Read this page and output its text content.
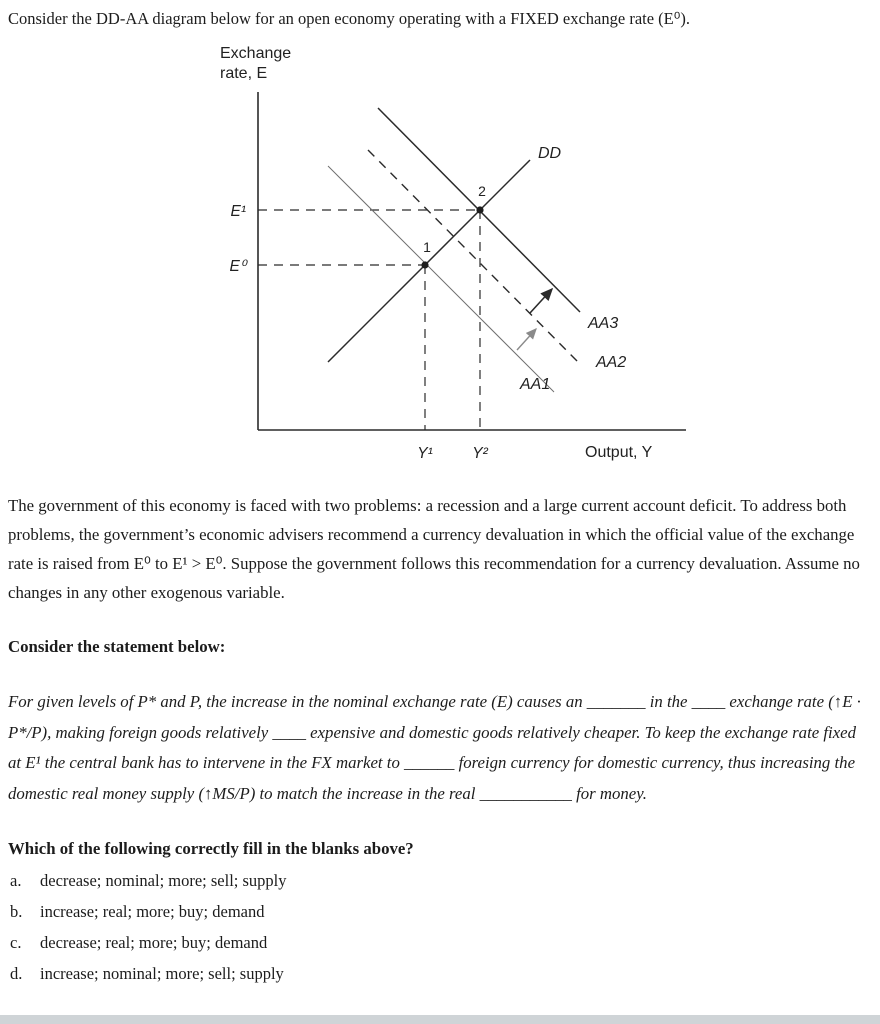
Consider the DD-AA diagram below for an open economy operating with a FIXED exchange rate (E⁰).

Exchange
rate, E
E¹
E⁰
Y¹	Y²	Output, Y
DD
AA3
AA2
AA1
1
2

The government of this economy is faced with two problems: a recession and a large current account deficit. To address both problems, the government’s economic advisers recommend a currency devaluation in which the official value of the exchange rate is raised from E⁰ to E¹ > E⁰. Suppose the government follows this recommendation for a currency devaluation. Assume no changes in any other exogenous variable.

Consider the statement below:

For given levels of P* and P, the increase in the nominal exchange rate (E) causes an _______ in the ____ exchange rate (↑E · P*/P), making foreign goods relatively ____ expensive and domestic goods relatively cheaper. To keep the exchange rate fixed at E¹ the central bank has to intervene in the FX market to ______ foreign currency for domestic currency, thus increasing the domestic real money supply (↑MS/P) to match the increase in the real ___________ for money.

Which of the following correctly fill in the blanks above?

a.	decrease; nominal; more; sell; supply
b.	increase; real; more; buy; demand
c.	decrease; real; more; buy; demand
d.	increase; nominal; more; sell; supply
